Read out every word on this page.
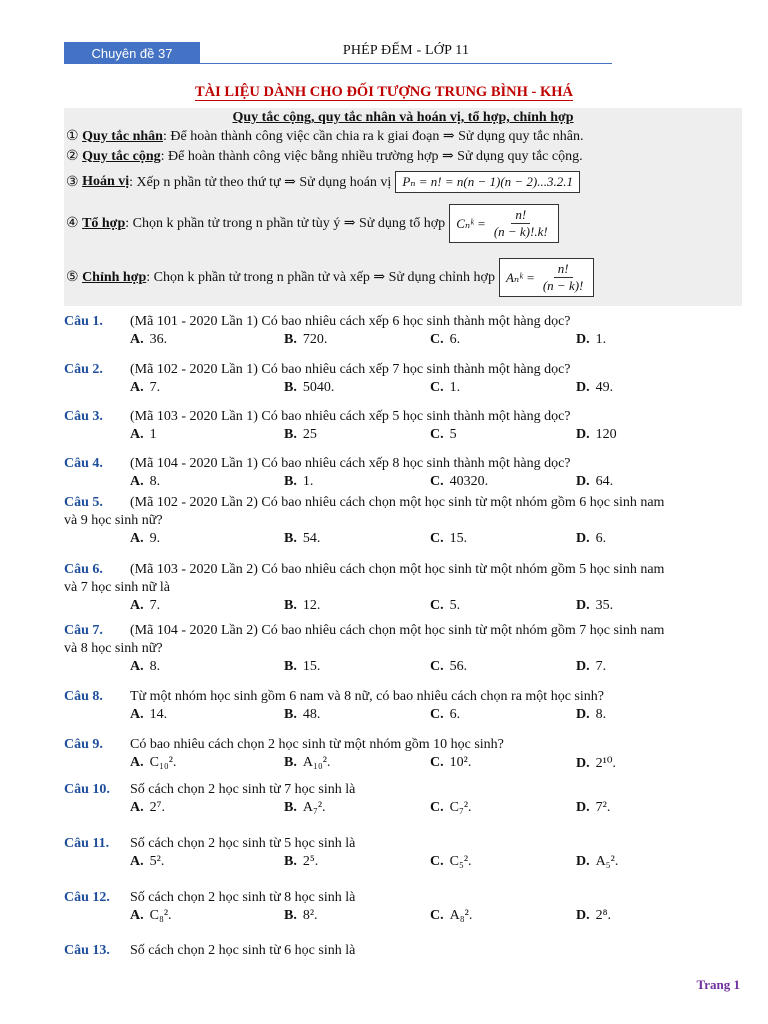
Chuyên đề 37	PHÉP ĐẾM - LỚP 11
TÀI LIỆU DÀNH CHO ĐỐI TƯỢNG TRUNG BÌNH - KHÁ
Quy tắc cộng, quy tắc nhân và hoán vị, tổ hợp, chỉnh hợp
①
Quy tắc nhân : Để hoàn thành công việc cần chia ra k giai đoạn ⇒ Sử dụng quy tắc nhân.
②
Quy tắc cộng : Để hoàn thành công việc bằng nhiều trường hợp ⇒ Sử dụng quy tắc cộng.
③
Hoán vị : Xếp n phần tử theo thứ tự ⇒ Sử dụng hoán vị Pₙ = n! = n(n − 1)(n − 2)...3.2.1
④
Tổ hợp : Chọn k phần tử trong n phần tử tùy ý ⇒ Sử dụng tổ hợp Cₙᵏ = $\frac{n!}{(n - k)!.k!}$
⑤
Chỉnh hợp : Chọn k phần tử trong n phần tử và xếp ⇒ Sử dụng chỉnh hợp Aₙᵏ = $\frac{n!}{(n - k)!}$
Câu 1.	(Mã 101 - 2020 Lần 1) Có bao nhiêu cách xếp 6 học sinh thành một hàng dọc?
A. 36.	B. 720.	C. 6.	D. 1.
Câu 2.	(Mã 102 - 2020 Lần 1) Có bao nhiêu cách xếp 7 học sinh thành một hàng dọc?
A. 7.	B. 5040.	C. 1.	D. 49.
Câu 3.	(Mã 103 - 2020 Lần 1) Có bao nhiêu cách xếp 5 học sinh thành một hàng dọc?
A. 1	B. 25	C. 5	D. 120
Câu 4.	(Mã 104 - 2020 Lần 1) Có bao nhiêu cách xếp 8 học sinh thành một hàng dọc?
A. 8.	B. 1.	C. 40320.	D. 64.
Câu 5.	(Mã 102 - 2020 Lần 2) Có bao nhiêu cách chọn một học sinh từ một nhóm gồm 6 học sinh nam
và 9 học sinh nữ?
A. 9.	B. 54.	C. 15.	D. 6.
Câu 6.	(Mã 103 - 2020 Lần 2) Có bao nhiêu cách chọn một học sinh từ một nhóm gồm 5 học sinh nam
và 7 học sinh nữ là
A. 7.	B. 12.	C. 5.	D. 35.
Câu 7.	(Mã 104 - 2020 Lần 2) Có bao nhiêu cách chọn một học sinh từ một nhóm gồm 7 học sinh nam
và 8 học sinh nữ?
A. 8.	B. 15.	C. 56.	D. 7.
Câu 8.	Từ một nhóm học sinh gồm 6 nam và 8 nữ, có bao nhiêu cách chọn ra một học sinh?
A. 14.	B. 48.	C. 6.	D. 8.
Câu 9.	Có bao nhiêu cách chọn 2 học sinh từ một nhóm gồm 10 học sinh?
A. C₁₀².	B. A₁₀².	C. 10².	D. 2¹⁰.
Câu 10.	Số cách chọn 2 học sinh từ 7 học sinh là
A. 2⁷.	B. A₇².	C. C₇².	D. 7².
Câu 11.	Số cách chọn 2 học sinh từ 5 học sinh là
A. 5².	B. 2⁵.	C. C₅².	D. A₅².
Câu 12.	Số cách chọn 2 học sinh từ 8 học sinh là
A. C₈².	B. 8².	C. A₈².	D. 2⁸.
Câu 13.	Số cách chọn 2 học sinh từ 6 học sinh là
Trang 1
